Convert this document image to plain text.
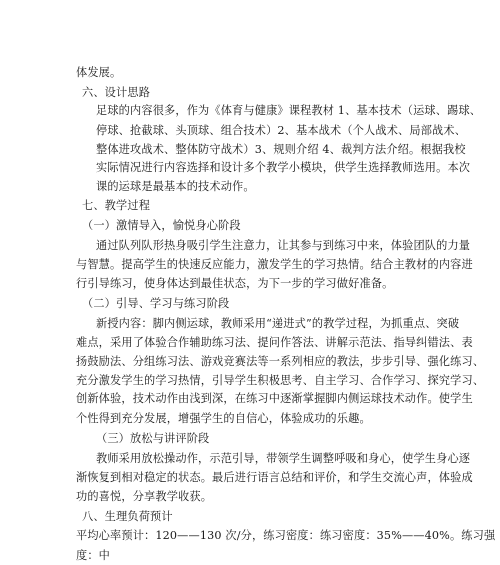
体发展。
六、设计思路
足球的内容很多，作为《体育与健康》课程教材 1、基本技术（运球、踢球、
停球、抢截球、头顶球、组合技术）2、基本战术（个人战术、局部战术、
整体进攻战术、整体防守战术）3、规则介绍 4、裁判方法介绍。根据我校
实际情况进行内容选择和设计多个教学小模块，供学生选择教师选用。本次
课的运球是最基本的技术动作。
七、教学过程
（一）激情导入，愉悦身心阶段
通过队列队形热身吸引学生注意力，让其参与到练习中来，体验团队的力量
与智慧。提高学生的快速反应能力，激发学生的学习热情。结合主教材的内容进
行引导练习，使身体达到最佳状态，为下一步的学习做好准备。
（二）引导、学习与练习阶段
新授内容：脚内侧运球，教师采用“递进式”的教学过程，为抓重点、突破
难点，采用了体验合作辅助练习法、提问作答法、讲解示范法、指导纠错法、表
扬鼓励法、分组练习法、游戏竞赛法等一系列相应的教法，步步引导、强化练习、
充分激发学生的学习热情，引导学生积极思考、自主学习、合作学习、探究学习、
创新体验，技术动作由浅到深，在练习中逐渐掌握脚内侧运球技术动作。使学生
个性得到充分发展，增强学生的自信心，体验成功的乐趣。
（三）放松与讲评阶段
教师采用放松操动作，示范引导，带领学生调整呼吸和身心，使学生身心逐
渐恢复到相对稳定的状态。最后进行语言总结和评价，和学生交流心声，体验成
功的喜悦，分享教学收获。
八、生理负荷预计
平均心率预计：120——130 次/分，练习密度：练习密度：35%——40%。练习强
度：中
